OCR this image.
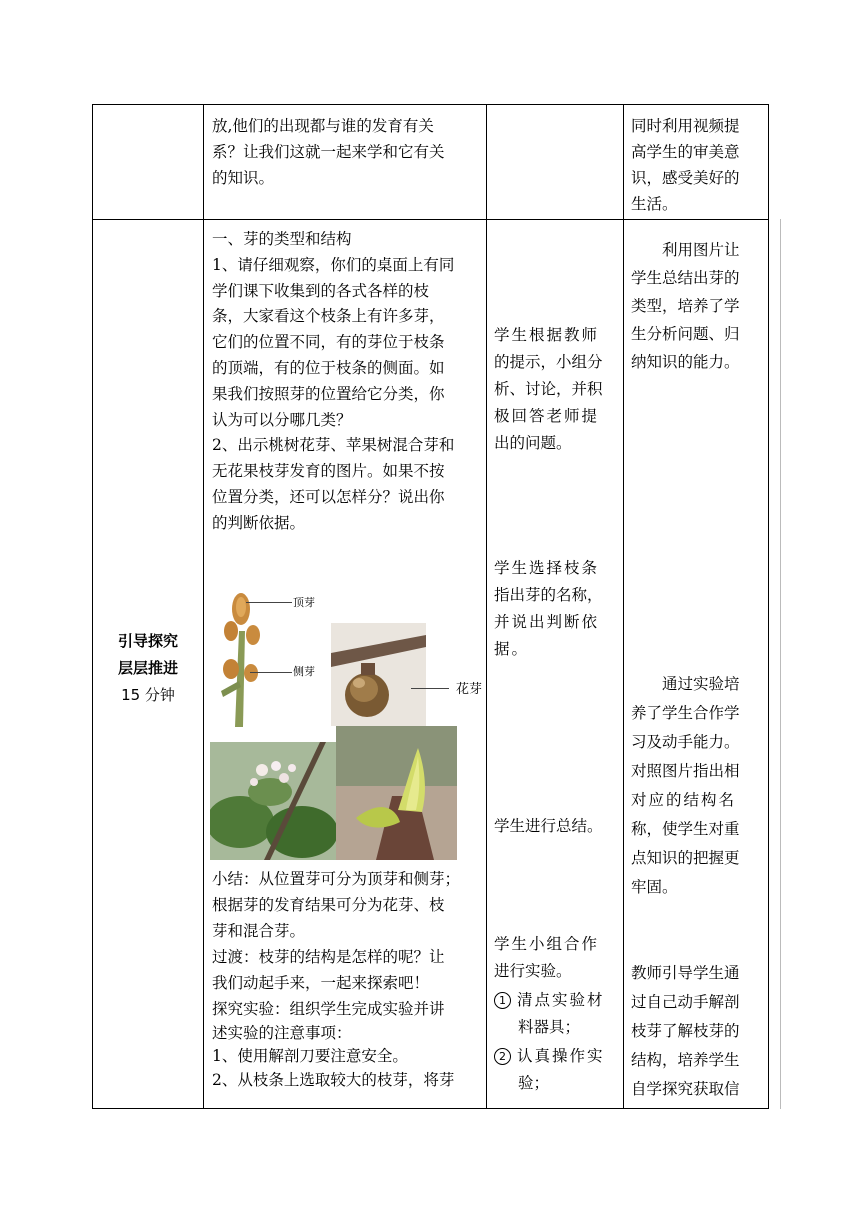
放,他们的出现都与谁的发育有关

系？让我们这就一起来学和它有关

的知识。

同时利用视频提

高学生的审美意

识，感受美好的

生活。

引导探究

层层推进

15 分钟

一、芽的类型和结构

1、请仔细观察，你们的桌面上有同

学们课下收集到的各式各样的枝

条，大家看这个枝条上有许多芽，

它们的位置不同，有的芽位于枝条

的顶端，有的位于枝条的侧面。如

果我们按照芽的位置给它分类，你

认为可以分哪几类？

2、出示桃树花芽、苹果树混合芽和

无花果枝芽发育的图片。如果不按

位置分类，还可以怎样分？说出你

的判断依据。

顶芽
侧芽
花芽

小结：从位置芽可分为顶芽和侧芽；

根据芽的发育结果可分为花芽、枝

芽和混合芽。

过渡：枝芽的结构是怎样的呢？让

我们动起手来，一起来探索吧！

探究实验：组织学生完成实验并讲

述实验的注意事项：

1、使用解剖刀要注意安全。

2、从枝条上选取较大的枝芽，将芽

学生根据教师

的提示，小组分

析、讨论，并积

极回答老师提

出的问题。

学生选择枝条

指出芽的名称，

并说出判断依

据。

学生进行总结。

学生小组合作

进行实验。

1 清点实验材

料器具；

2 认真操作实

验；

利用图片让

学生总结出芽的

类型，培养了学

生分析问题、归

纳知识的能力。

通过实验培

养了学生合作学

习及动手能力。

对照图片指出相

对应的结构名

称，使学生对重

点知识的把握更

牢固。

教师引导学生通

过自己动手解剖

枝芽了解枝芽的

结构，培养学生

自学探究获取信
